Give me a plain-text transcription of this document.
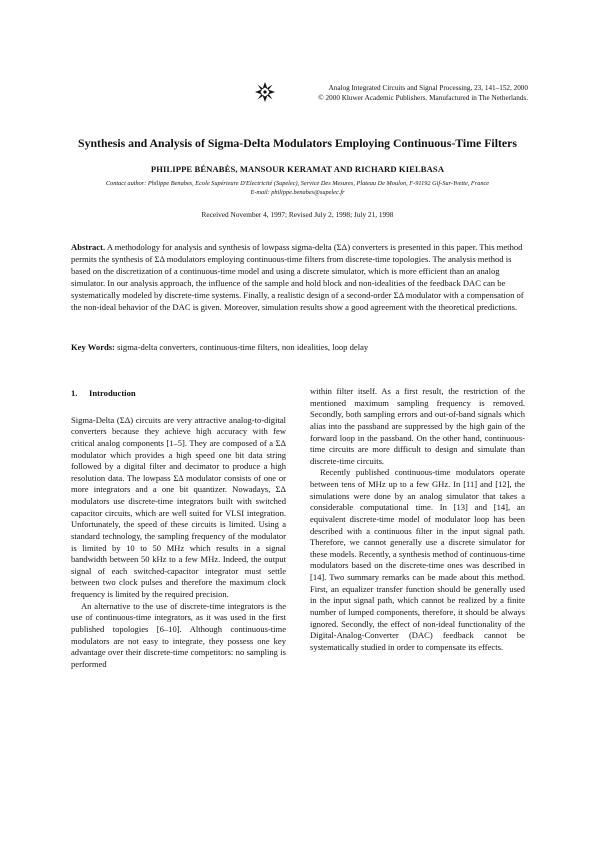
Analog Integrated Circuits and Signal Processing, 23, 141–152, 2000
© 2000 Kluwer Academic Publishers. Manufactured in The Netherlands.
Synthesis and Analysis of Sigma-Delta Modulators Employing Continuous-Time Filters
PHILIPPE BÉNABÈS, MANSOUR KERAMAT AND RICHARD KIELBASA
Contact author: Philippe Benabes, Ecole Supérieure D'Electricité (Supelec), Service Des Mesures, Plateau De Moulon, F-91192 Gif-Sur-Yvette, France
E-mail: philippe.benabes@supelec.fr
Received November 4, 1997; Revised July 2, 1998; July 21, 1998

Abstract. A methodology for analysis and synthesis of lowpass sigma-delta (ΣΔ) converters is presented in this paper. This method permits the synthesis of ΣΔ modulators employing continuous-time filters from discrete-time topologies. The analysis method is based on the discretization of a continuous-time model and using a discrete simulator, which is more efficient than an analog simulator. In our analysis approach, the influence of the sample and hold block and non-idealities of the feedback DAC can be systematically modeled by discrete-time systems. Finally, a realistic design of a second-order ΣΔ modulator with a compensation of the non-ideal behavior of the DAC is given. Moreover, simulation results show a good agreement with the theoretical predictions.

Key Words: sigma-delta converters, continuous-time filters, non idealities, loop delay

1. Introduction

Sigma-Delta (ΣΔ) circuits are very attractive analog-to-digital converters because they achieve high accuracy with few critical analog components [1–5]. They are composed of a ΣΔ modulator which provides a high speed one bit data string followed by a digital filter and decimator to produce a high resolution data. The lowpass ΣΔ modulator consists of one or more integrators and a one bit quantizer. Nowadays, ΣΔ modulators use discrete-time integrators built with switched capacitor circuits, which are well suited for VLSI integration. Unfortunately, the speed of these circuits is limited. Using a standard technology, the sampling frequency of the modulator is limited by 10 to 50 MHz which results in a signal bandwidth between 50 kHz to a few MHz. Indeed, the output signal of each switched-capacitor integrator must settle between two clock pulses and therefore the maximum clock frequency is limited by the required precision.

An alternative to the use of discrete-time integrators is the use of continuous-time integrators, as it was used in the first published topologies [6–10]. Although continuous-time modulators are not easy to integrate, they possess one key advantage over their discrete-time competitors: no sampling is performed

within filter itself. As a first result, the restriction of the mentioned maximum sampling frequency is removed. Secondly, both sampling errors and out-of-band signals which alias into the passband are suppressed by the high gain of the forward loop in the passband. On the other hand, continuous-time circuits are more difficult to design and simulate than discrete-time circuits.

Recently published continuous-time modulators operate between tens of MHz up to a few GHz. In [11] and [12], the simulations were done by an analog simulator that takes a considerable computational time. In [13] and [14], an equivalent discrete-time model of modulator loop has been described with a continuous filter in the input signal path. Therefore, we cannot generally use a discrete simulator for these models. Recently, a synthesis method of continuous-time modulators based on the discrete-time ones was described in [14]. Two summary remarks can be made about this method. First, an equalizer transfer function should be generally used in the input signal path, which cannot be realized by a finite number of lumped components, therefore, it should be always ignored. Secondly, the effect of non-ideal functionality of the Digital-Analog-Converter (DAC) feedback cannot be systematically studied in order to compensate its effects.
